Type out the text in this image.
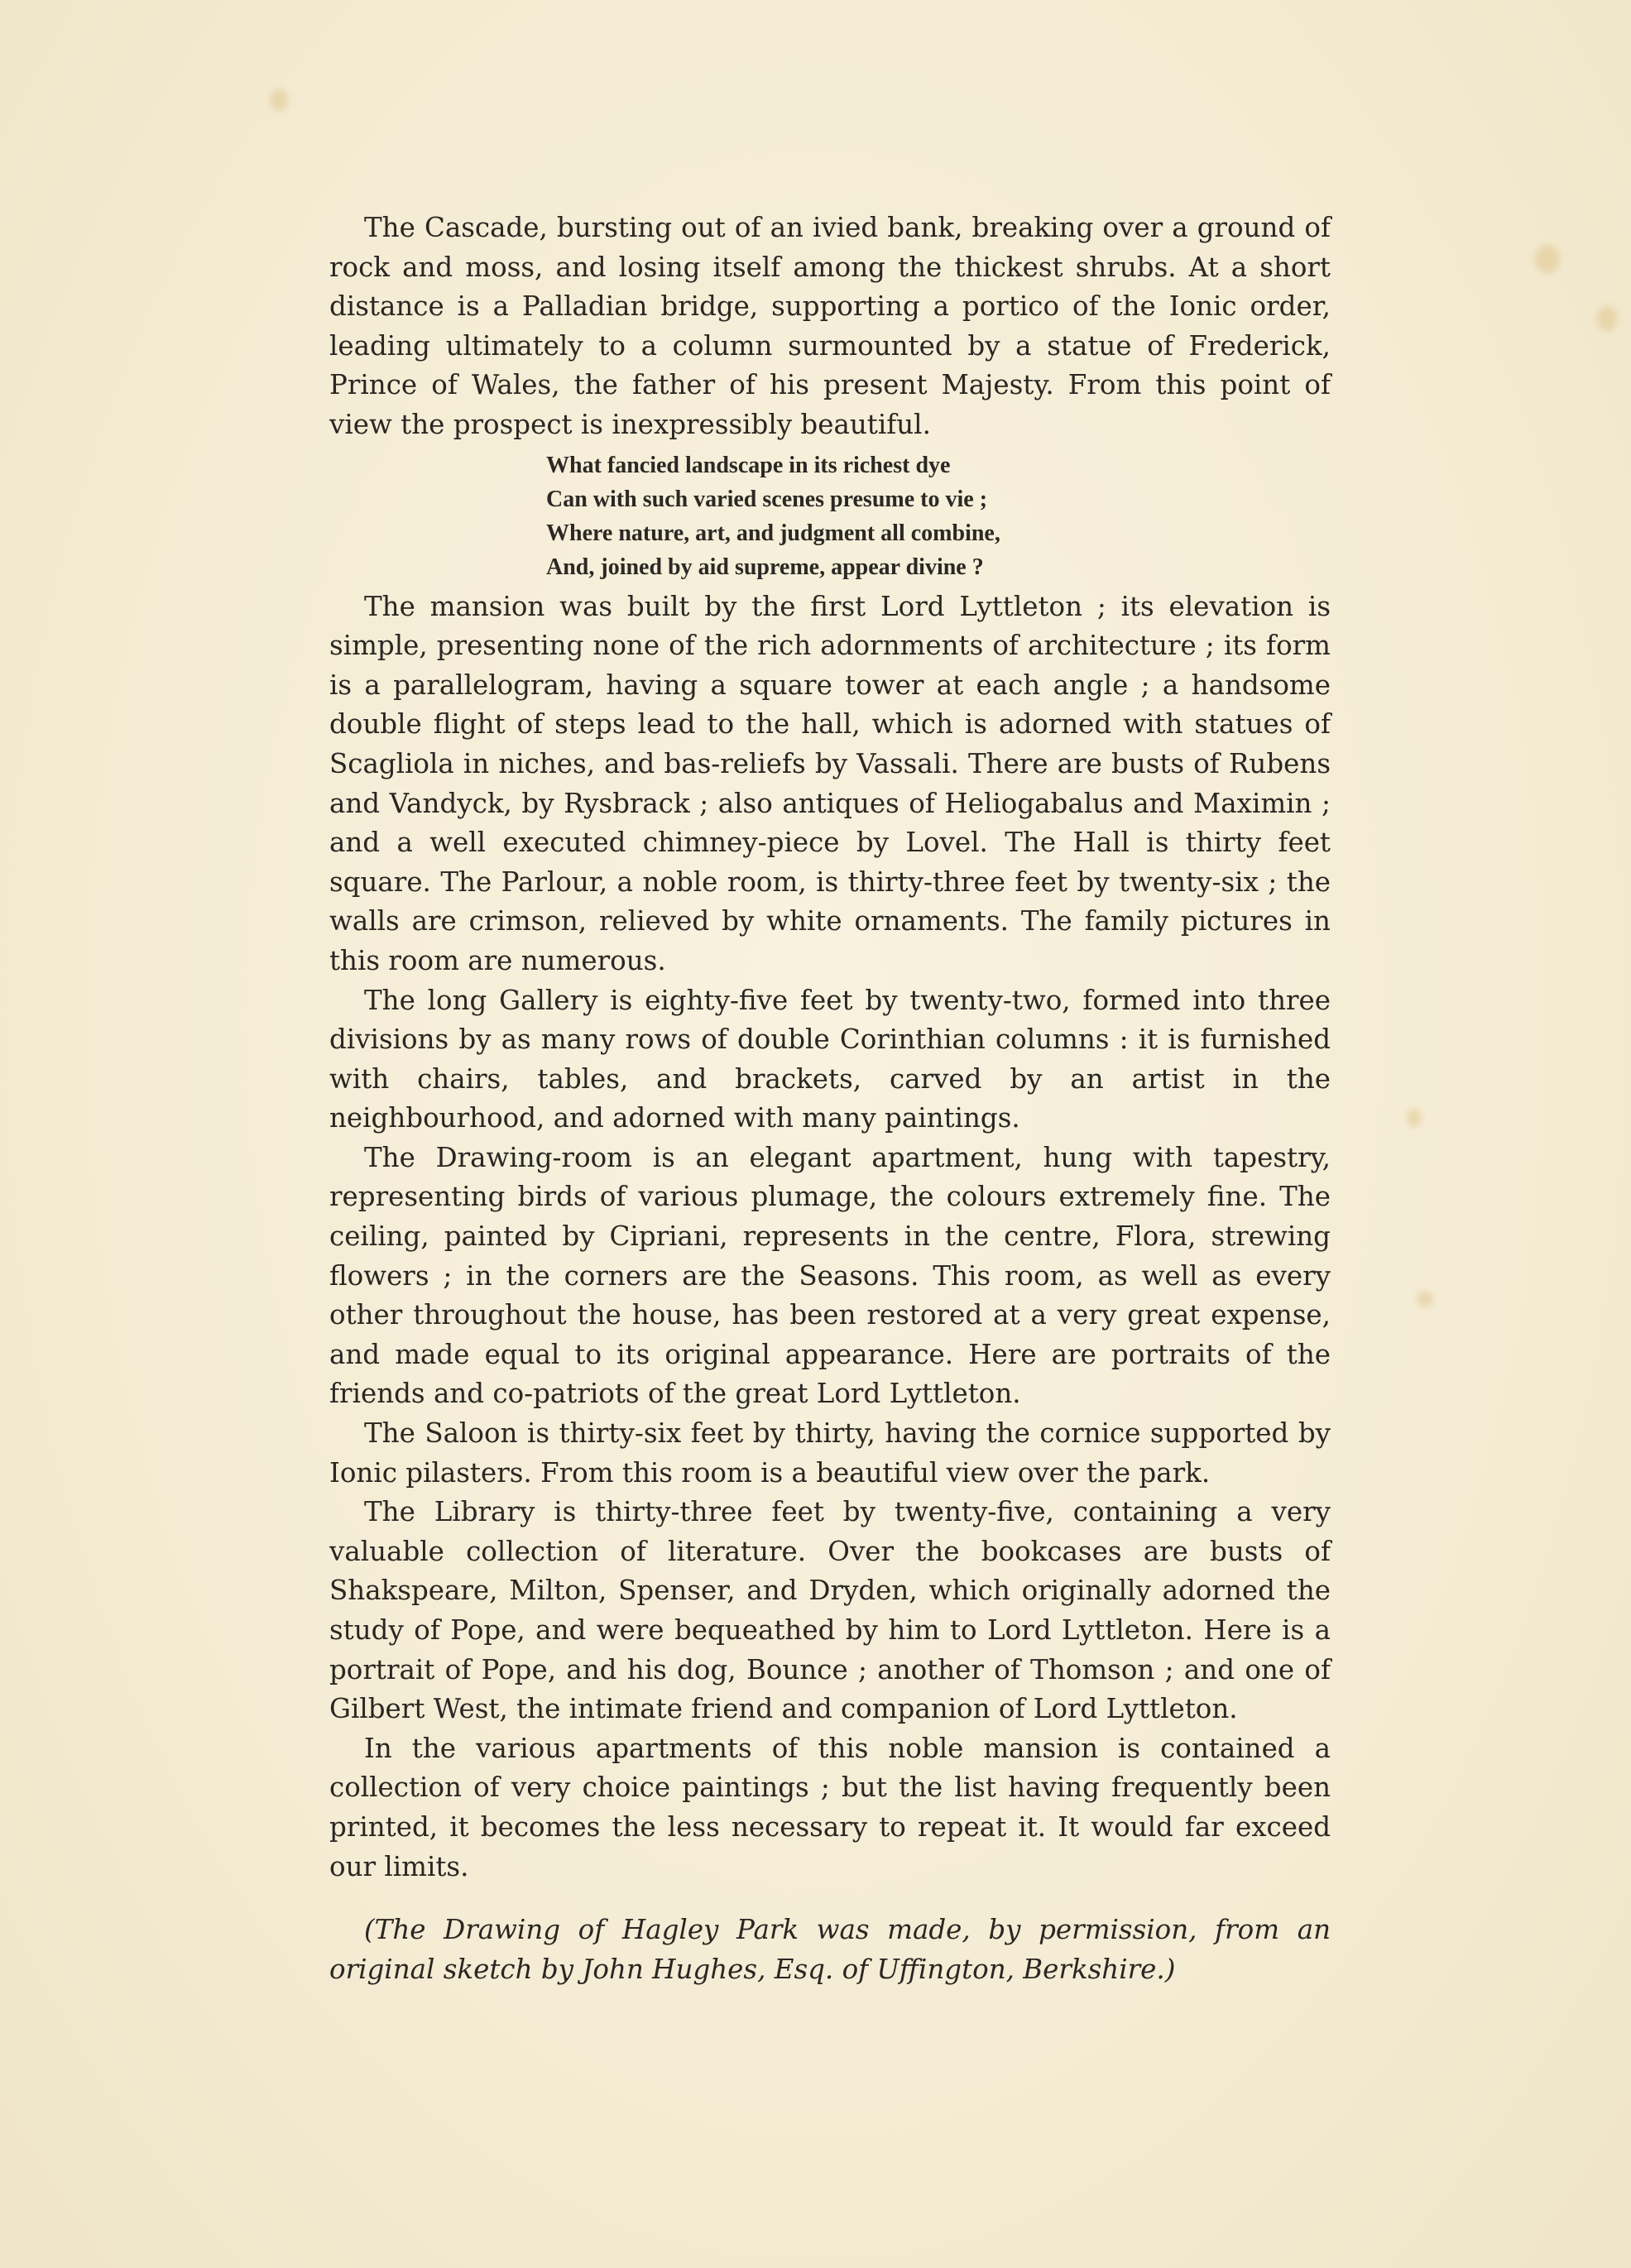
The Cascade, bursting out of an ivied bank, breaking over a ground of rock and moss, and losing itself among the thickest shrubs. At a short distance is a Palladian bridge, supporting a portico of the Ionic order, leading ultimately to a column surmounted by a statue of Frederick, Prince of Wales, the father of his present Majesty. From this point of view the prospect is inexpressibly beautiful.

What fancied landscape in its richest dye
Can with such varied scenes presume to vie ;
Where nature, art, and judgment all combine,
And, joined by aid supreme, appear divine ?

The mansion was built by the first Lord Lyttleton ; its elevation is simple, presenting none of the rich adornments of architecture ; its form is a parallelogram, having a square tower at each angle ; a handsome double flight of steps lead to the hall, which is adorned with statues of Scagliola in niches, and bas-reliefs by Vassali. There are busts of Rubens and Vandyck, by Rysbrack ; also antiques of Heliogabalus and Maximin ; and a well executed chimney-piece by Lovel. The Hall is thirty feet square. The Parlour, a noble room, is thirty-three feet by twenty-six ; the walls are crimson, relieved by white ornaments. The family pictures in this room are numerous.

The long Gallery is eighty-five feet by twenty-two, formed into three divisions by as many rows of double Corinthian columns : it is furnished with chairs, tables, and brackets, carved by an artist in the neighbourhood, and adorned with many paintings.

The Drawing-room is an elegant apartment, hung with tapestry, representing birds of various plumage, the colours extremely fine. The ceiling, painted by Cipriani, represents in the centre, Flora, strewing flowers ; in the corners are the Seasons. This room, as well as every other throughout the house, has been restored at a very great expense, and made equal to its original appearance. Here are portraits of the friends and co-patriots of the great Lord Lyttleton.

The Saloon is thirty-six feet by thirty, having the cornice supported by Ionic pilasters. From this room is a beautiful view over the park.

The Library is thirty-three feet by twenty-five, containing a very valuable collection of literature. Over the bookcases are busts of Shakspeare, Milton, Spenser, and Dryden, which originally adorned the study of Pope, and were bequeathed by him to Lord Lyttleton. Here is a portrait of Pope, and his dog, Bounce ; another of Thomson ; and one of Gilbert West, the intimate friend and companion of Lord Lyttleton.

In the various apartments of this noble mansion is contained a collection of very choice paintings ; but the list having frequently been printed, it becomes the less necessary to repeat it. It would far exceed our limits.

(The Drawing of Hagley Park was made, by permission, from an original sketch by John Hughes, Esq. of Uffington, Berkshire.)
